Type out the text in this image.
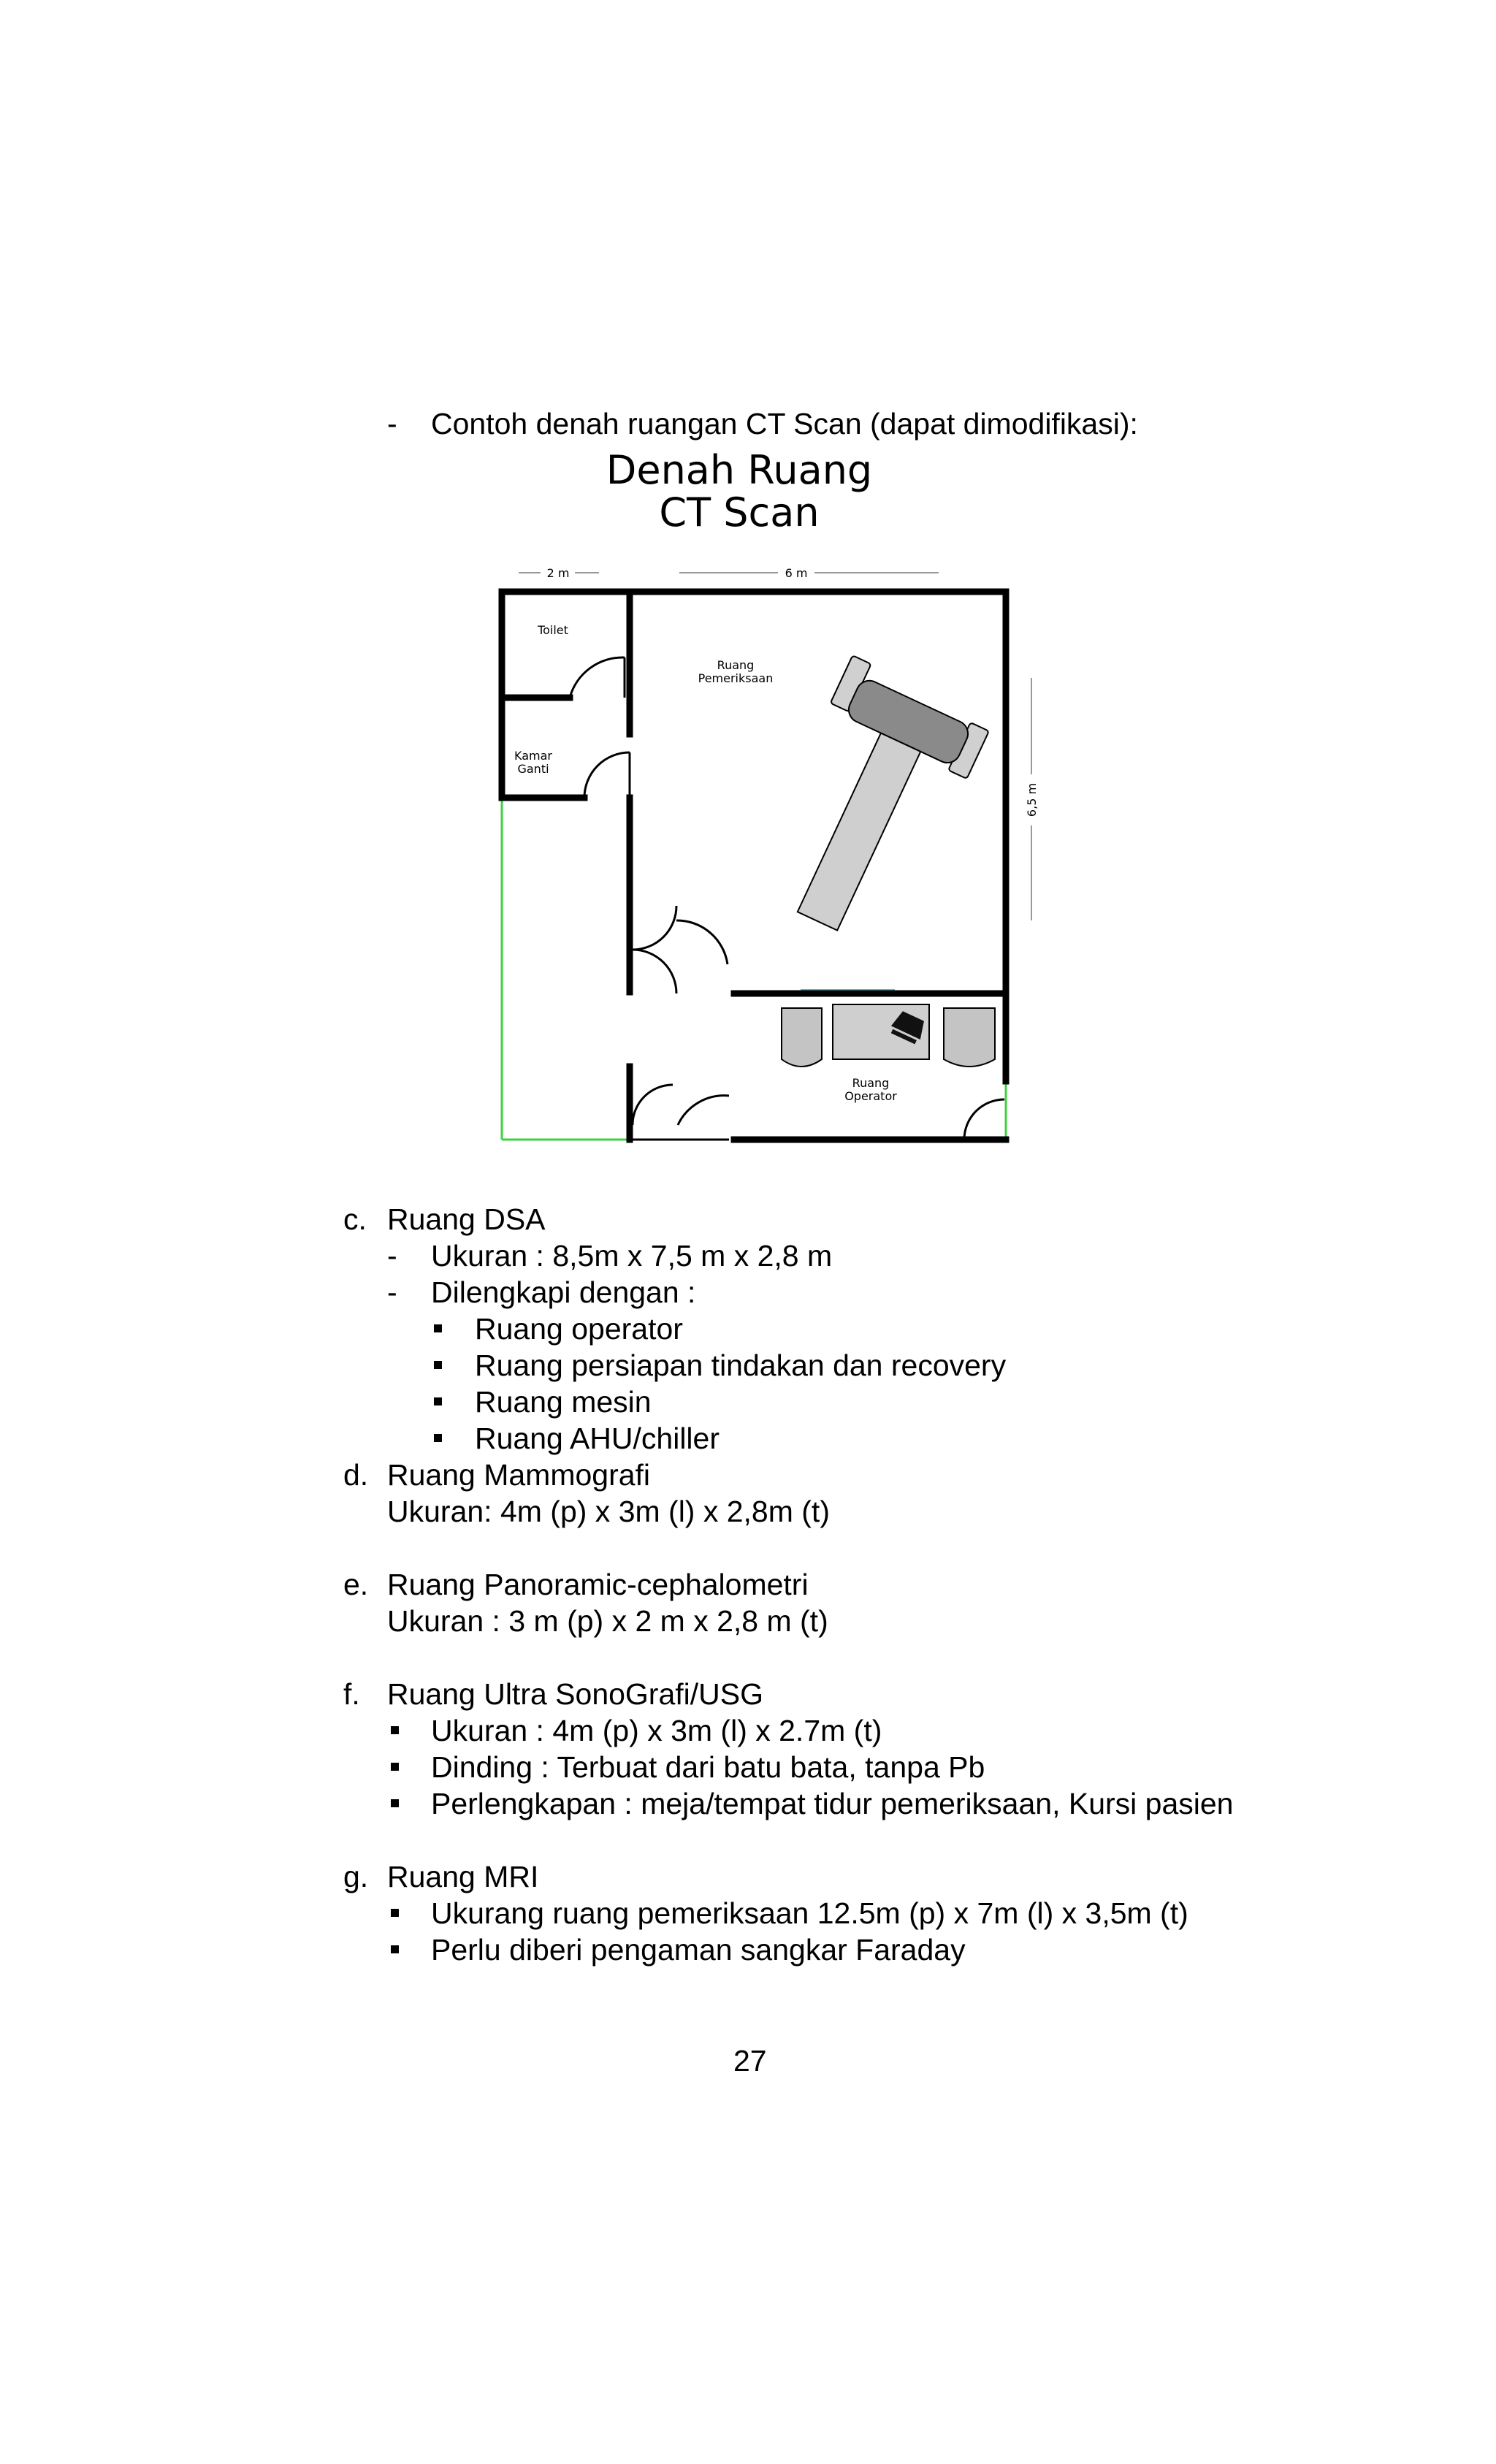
- Contoh denah ruangan CT Scan (dapat dimodifikasi):
Denah Ruang
CT Scan
2 m	6 m
6,5 m
Toilet
Kamar
Ganti
Ruang
Pemeriksaan
Ruang
Operator
c. Ruang DSA
- Ukuran : 8,5m x 7,5 m x 2,8 m
- Dilengkapi dengan :
Ruang operator
Ruang persiapan tindakan dan recovery
Ruang mesin
Ruang AHU/chiller
d. Ruang Mammografi
Ukuran: 4m (p) x 3m (l) x 2,8m (t)
e. Ruang Panoramic-cephalometri
Ukuran : 3 m (p) x 2 m x 2,8 m (t)
f. Ruang Ultra SonoGrafi/USG
Ukuran : 4m (p) x 3m (l) x 2.7m (t)
Dinding : Terbuat dari batu bata, tanpa Pb
Perlengkapan : meja/tempat tidur pemeriksaan, Kursi pasien
g. Ruang MRI
Ukurang ruang pemeriksaan 12.5m (p) x 7m (l) x 3,5m (t)
Perlu diberi pengaman sangkar Faraday
27
